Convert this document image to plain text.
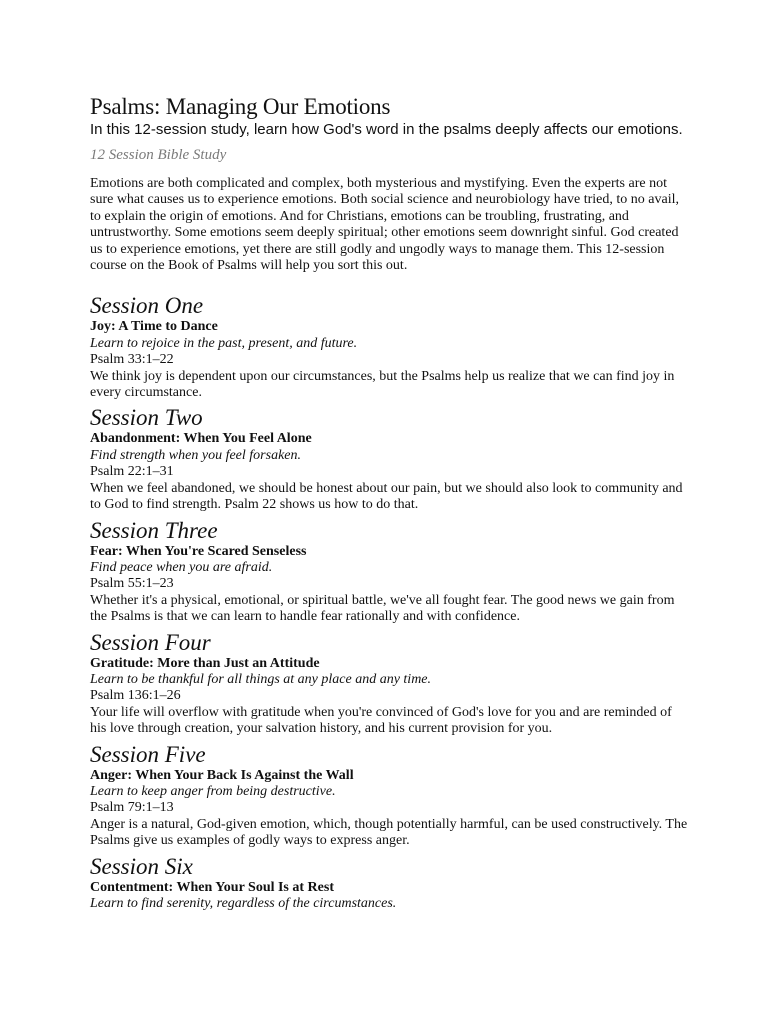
Psalms: Managing Our Emotions
In this 12-session study, learn how God's word in the psalms deeply affects our emotions.
12 Session Bible Study
Emotions are both complicated and complex, both mysterious and mystifying. Even the experts are not sure what causes us to experience emotions. Both social science and neurobiology have tried, to no avail, to explain the origin of emotions. And for Christians, emotions can be troubling, frustrating, and untrustworthy. Some emotions seem deeply spiritual; other emotions seem downright sinful. God created us to experience emotions, yet there are still godly and ungodly ways to manage them. This 12-session course on the Book of Psalms will help you sort this out.
Session One
Joy: A Time to Dance
Learn to rejoice in the past, present, and future.
Psalm 33:1–22
We think joy is dependent upon our circumstances, but the Psalms help us realize that we can find joy in every circumstance.
Session Two
Abandonment: When You Feel Alone
Find strength when you feel forsaken.
Psalm 22:1–31
When we feel abandoned, we should be honest about our pain, but we should also look to community and to God to find strength. Psalm 22 shows us how to do that.
Session Three
Fear: When You're Scared Senseless
Find peace when you are afraid.
Psalm 55:1–23
Whether it's a physical, emotional, or spiritual battle, we've all fought fear. The good news we gain from the Psalms is that we can learn to handle fear rationally and with confidence.
Session Four
Gratitude: More than Just an Attitude
Learn to be thankful for all things at any place and any time.
Psalm 136:1–26
Your life will overflow with gratitude when you're convinced of God's love for you and are reminded of his love through creation, your salvation history, and his current provision for you.
Session Five
Anger: When Your Back Is Against the Wall
Learn to keep anger from being destructive.
Psalm 79:1–13
Anger is a natural, God-given emotion, which, though potentially harmful, can be used constructively. The Psalms give us examples of godly ways to express anger.
Session Six
Contentment: When Your Soul Is at Rest
Learn to find serenity, regardless of the circumstances.
